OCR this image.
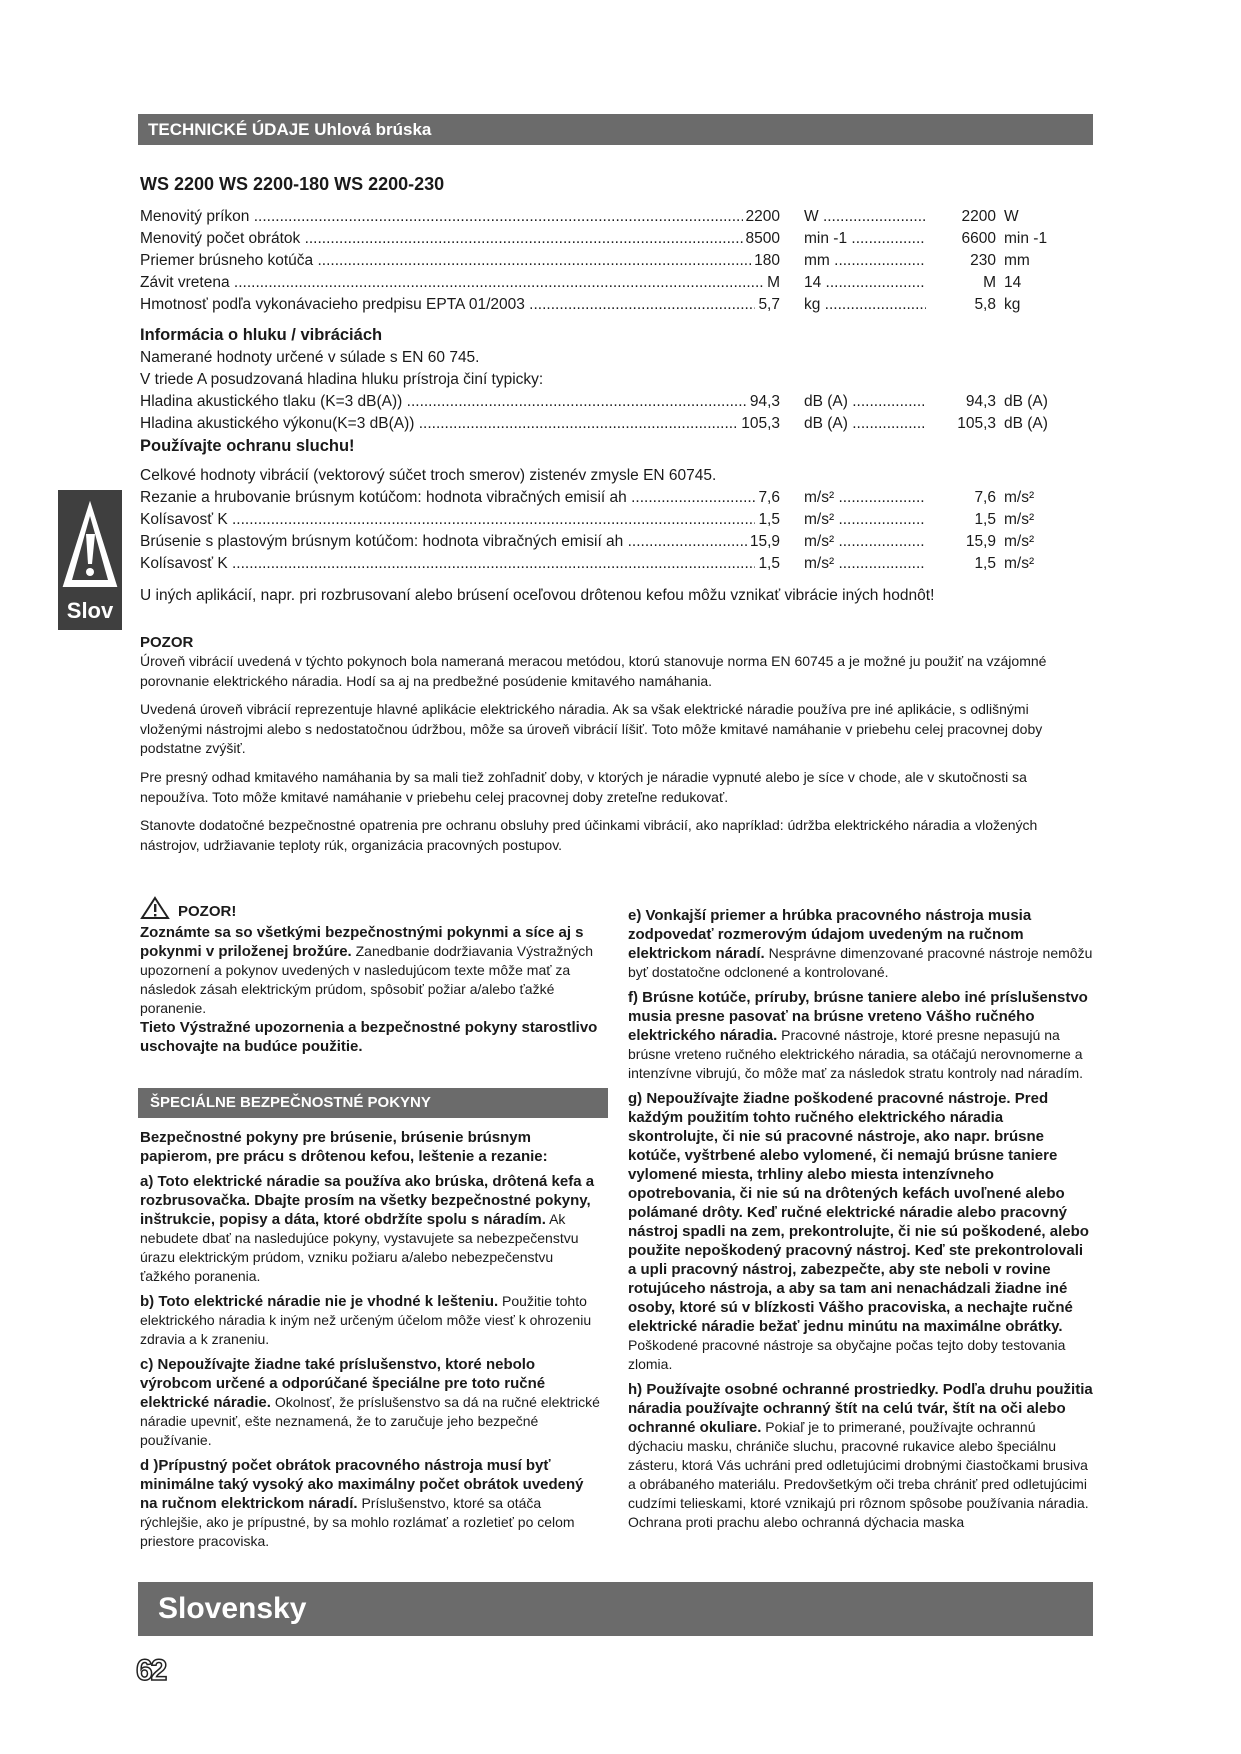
TECHNICKÉ ÚDAJE Uhlová brúska
WS 2200 WS 2200-180 WS 2200-230
Menovitý príkon .....	2200 W .....	2200 W
Menovitý počet obrátok .....	8500 min -1 .....	6600 min -1
Priemer brúsneho kotúča .....	180 mm .....	230 mm
Závit vretena .....	M 14 .....	M 14
Hmotnosť podľa vykonávacieho predpisu EPTA 01/2003 .....	5,7 kg .....	5,8 kg
Informácia o hluku / vibráciách
Namerané hodnoty určené v súlade s EN 60 745.
V triede A posudzovaná hladina hluku prístroja činí typicky:
Hladina akustického tlaku (K=3 dB(A)) .....	94,3 dB (A) .....	94,3 dB (A)
Hladina akustického výkonu(K=3 dB(A)) .....	105,3 dB (A) .....	105,3 dB (A)
Používajte ochranu sluchu!
Celkové hodnoty vibrácií (vektorový súčet troch smerov) zistenév zmysle EN 60745.
Rezanie a hrubovanie brúsnym kotúčom: hodnota vibračných emisií ah .....	7,6 m/s² .....	7,6 m/s²
Kolísavosť K .....	1,5 m/s² .....	1,5 m/s²
Brúsenie s plastovým brúsnym kotúčom: hodnota vibračných emisií ah .....	15,9 m/s² .....	15,9 m/s²
Kolísavosť K .....	1,5 m/s² .....	1,5 m/s²
U iných aplikácií, napr. pri rozbrusovaní alebo brúsení oceľovou drôtenou kefou môžu vznikať vibrácie iných hodnôt!
Slov
POZOR
Úroveň vibrácií uvedená v týchto pokynoch bola nameraná meracou metódou, ktorú stanovuje norma EN 60745 a je možné ju použiť na vzájomné porovnanie elektrického náradia. Hodí sa aj na predbežné posúdenie kmitavého namáhania.
Uvedená úroveň vibrácií reprezentuje hlavné aplikácie elektrického náradia. Ak sa však elektrické náradie používa pre iné aplikácie, s odlišnými vloženými nástrojmi alebo s nedostatočnou údržbou, môže sa úroveň vibrácií líšiť. Toto môže kmitavé namáhanie v priebehu celej pracovnej doby podstatne zvýšiť.
Pre presný odhad kmitavého namáhania by sa mali tiež zohľadniť doby, v ktorých je náradie vypnuté alebo je síce v chode, ale v skutočnosti sa nepoužíva. Toto môže kmitavé namáhanie v priebehu celej pracovnej doby zreteľne redukovať.
Stanovte dodatočné bezpečnostné opatrenia pre ochranu obsluhy pred účinkami vibrácií, ako napríklad: údržba elektrického náradia a vložených nástrojov, udržiavanie teploty rúk, organizácia pracovných postupov.

POZOR!

Zoznámte sa so všetkými bezpečnostnými pokynmi a síce aj s pokynmi v priloženej brožúre. Zanedbanie dodržiavania Výstražných upozornení a pokynov uvedených v nasledujúcom texte môže mať za následok zásah elektrickým prúdom, spôsobiť požiar a/alebo ťažké poranenie.
Tieto Výstražné upozornenia a bezpečnostné pokyny starostlivo uschovajte na budúce použitie.

ŠPECIÁLNE BEZPEČNOSTNÉ POKYNY

Bezpečnostné pokyny pre brúsenie, brúsenie brúsnym papierom, pre prácu s drôtenou kefou, leštenie a rezanie:

a) Toto elektrické náradie sa používa ako brúska, drôtená kefa a rozbrusovačka. Dbajte prosím na všetky bezpečnostné pokyny, inštrukcie, popisy a dáta, ktoré obdržíte spolu s náradím. Ak nebudete dbať na nasledujúce pokyny, vystavujete sa nebezpečenstvu úrazu elektrickým prúdom, vzniku požiaru a/alebo nebezpečenstvu ťažkého poranenia.

b) Toto elektrické náradie nie je vhodné k lešteniu. Použitie tohto elektrického náradia k iným než určeným účelom môže viesť k ohrozeniu zdravia a k zraneniu.

c) Nepoužívajte žiadne také príslušenstvo, ktoré nebolo výrobcom určené a odporúčané špeciálne pre toto ručné elektrické náradie. Okolnosť, že príslušenstvo sa dá na ručné elektrické náradie upevniť, ešte neznamená, že to zaručuje jeho bezpečné používanie.

d )Prípustný počet obrátok pracovného nástroja musí byť minimálne taký vysoký ako maximálny počet obrátok uvedený na ručnom elektrickom náradí. Príslušenstvo, ktoré sa otáča rýchlejšie, ako je prípustné, by sa mohlo rozlámať a rozletieť po celom priestore pracoviska.

e) Vonkajší priemer a hrúbka pracovného nástroja musia zodpovedať rozmerovým údajom uvedeným na ručnom elektrickom náradí. Nesprávne dimenzované pracovné nástroje nemôžu byť dostatočne odclonené a kontrolované.

f) Brúsne kotúče, príruby, brúsne taniere alebo iné príslušenstvo musia presne pasovať na brúsne vreteno Vášho ručného elektrického náradia. Pracovné nástroje, ktoré presne nepasujú na brúsne vreteno ručného elektrického náradia, sa otáčajú nerovnomerne a intenzívne vibrujú, čo môže mať za následok stratu kontroly nad náradím.

g) Nepoužívajte žiadne poškodené pracovné nástroje. Pred každým použitím tohto ručného elektrického náradia skontrolujte, či nie sú pracovné nástroje, ako napr. brúsne kotúče, vyštrbené alebo vylomené, či nemajú brúsne taniere vylomené miesta, trhliny alebo miesta intenzívneho opotrebovania, či nie sú na drôtených kefách uvoľnené alebo polámané drôty. Keď ručné elektrické náradie alebo pracovný nástroj spadli na zem, prekontrolujte, či nie sú poškodené, alebo použite nepoškodený pracovný nástroj. Keď ste prekontrolovali a upli pracovný nástroj, zabezpečte, aby ste neboli v rovine rotujúceho nástroja, a aby sa tam ani nenachádzali žiadne iné osoby, ktoré sú v blízkosti Vášho pracoviska, a nechajte ručné elektrické náradie bežať jednu minútu na maximálne obrátky. Poškodené pracovné nástroje sa obyčajne počas tejto doby testovania zlomia.

h) Používajte osobné ochranné prostriedky. Podľa druhu použitia náradia používajte ochranný štít na celú tvár, štít na oči alebo ochranné okuliare. Pokiaľ je to primerané, používajte ochrannú dýchaciu masku, chrániče sluchu, pracovné rukavice alebo špeciálnu zásteru, ktorá Vás uchráni pred odletujúcimi drobnými čiastočkami brusiva a obrábaného materiálu. Predovšetkým oči treba chrániť pred odletujúcimi cudzími telieskami, ktoré vznikajú pri rôznom spôsobe používania náradia. Ochrana proti prachu alebo ochranná dýchacia maska

Slovensky
62
